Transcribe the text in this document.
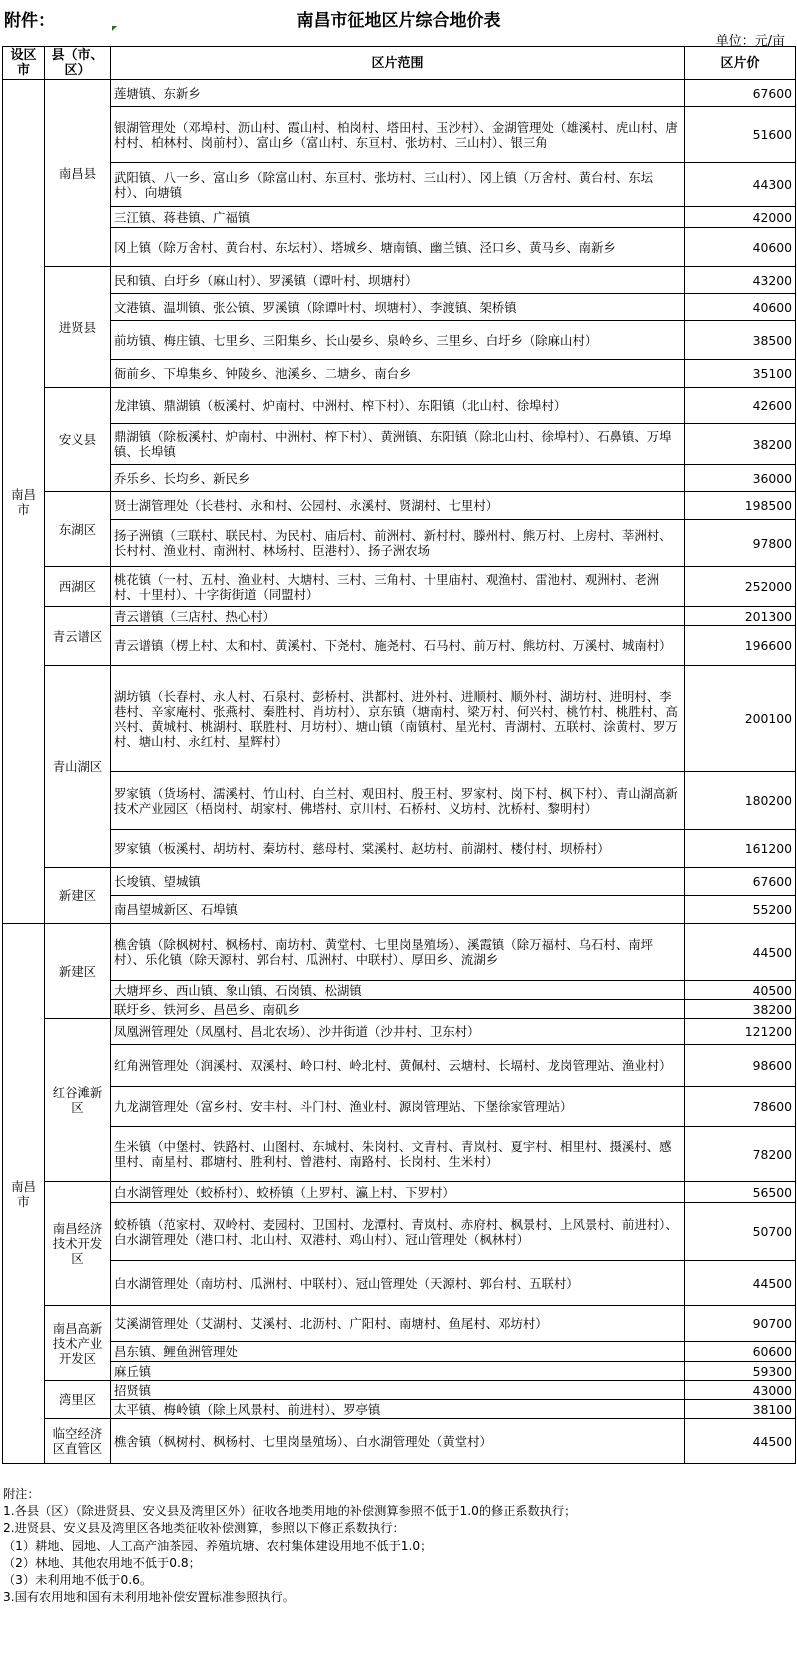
附件：	南昌市征地区片综合地价表
单位：元/亩
设区市	县（市、区）	区片范围	区片价
南昌市	南昌县	莲塘镇、东新乡	67600
		银湖管理处（邓埠村、沥山村、霞山村、柏岗村、塔田村、玉沙村）、金湖管理处（雄溪村、虎山村、唐村村、柏林村、岗前村）、富山乡（富山村、东亘村、张坊村、三山村）、银三角	51600
		武阳镇、八一乡、富山乡（除富山村、东亘村、张坊村、三山村）、冈上镇（万舍村、黄台村、东坛村）、向塘镇	44300
		三江镇、蒋巷镇、广福镇	42000
		冈上镇（除万舍村、黄台村、东坛村）、塔城乡、塘南镇、幽兰镇、泾口乡、黄马乡、南新乡	40600
	进贤县	民和镇、白圩乡（麻山村）、罗溪镇（谭叶村、坝塘村）	43200
		文港镇、温圳镇、张公镇、罗溪镇（除谭叶村、坝塘村）、李渡镇、架桥镇	40600
		前坊镇、梅庄镇、七里乡、三阳集乡、长山晏乡、泉岭乡、三里乡、白圩乡（除麻山村）	38500
		衙前乡、下埠集乡、钟陵乡、池溪乡、二塘乡、南台乡	35100
	安义县	龙津镇、鼎湖镇（板溪村、炉南村、中洲村、榨下村）、东阳镇（北山村、徐埠村）	42600
		鼎湖镇（除板溪村、炉南村、中洲村、榨下村）、黄洲镇、东阳镇（除北山村、徐埠村）、石鼻镇、万埠镇、长埠镇	38200
		乔乐乡、长均乡、新民乡	36000
	东湖区	贤士湖管理处（长巷村、永和村、公园村、永溪村、贤湖村、七里村）	198500
		扬子洲镇（三联村、联民村、为民村、庙后村、前洲村、新村村、滕州村、熊万村、上房村、莘洲村、长村村、渔业村、南洲村、林场村、臣港村）、扬子洲农场	97800
	西湖区	桃花镇（一村、五村、渔业村、大塘村、三村、三角村、十里庙村、观渔村、雷池村、观洲村、老洲村、十里村）、十字街街道（同盟村）	252000
	青云谱区	青云谱镇（三店村、热心村）	201300
		青云谱镇（楞上村、太和村、黄溪村、下尧村、施尧村、石马村、前万村、熊坊村、万溪村、城南村）	196600
	青山湖区	湖坊镇（长春村、永人村、石泉村、彭桥村、洪都村、进外村、进顺村、顺外村、湖坊村、进明村、李巷村、辛家庵村、张燕村、秦胜村、肖坊村）、京东镇（塘南村、梁万村、何兴村、桃竹村、桃胜村、高兴村、黄城村、桃湖村、联胜村、月坊村）、塘山镇（南镇村、星光村、青湖村、五联村、涂黄村、罗万村、塘山村、永红村、星辉村）	200100
		罗家镇（货场村、濡溪村、竹山村、白兰村、观田村、殷王村、罗家村、岗下村、枫下村）、青山湖高新技术产业园区（梧岗村、胡家村、佛塔村、京川村、石桥村、义坊村、沈桥村、黎明村）	180200
		罗家镇（板溪村、胡坊村、秦坊村、慈母村、棠溪村、赵坊村、前湖村、楼付村、坝桥村）	161200
	新建区	长埈镇、望城镇	67600
		南昌望城新区、石埠镇	55200
南昌市	新建区	樵舍镇（除枫树村、枫杨村、南坊村、黄堂村、七里岗垦殖场）、溪霞镇（除万福村、乌石村、南坪村）、乐化镇（除天源村、郭台村、瓜洲村、中联村）、厚田乡、流湖乡	44500
		大塘坪乡、西山镇、象山镇、石岗镇、松湖镇	40500
		联圩乡、铁河乡、昌邑乡、南矶乡	38200
	红谷滩新区	凤凰洲管理处（凤凰村、昌北农场）、沙井街道（沙井村、卫东村）	121200
		红角洲管理处（润溪村、双溪村、岭口村、岭北村、黄佩村、云塘村、长塥村、龙岗管理站、渔业村）	98600
		九龙湖管理处（富乡村、安丰村、斗门村、渔业村、源岗管理站、下堡徐家管理站）	78600
		生米镇（中堡村、铁路村、山图村、东城村、朱岗村、文青村、青岚村、夏宇村、相里村、摄溪村、感里村、南星村、郡塘村、胜利村、曾港村、南路村、长岗村、生米村）	78200
	南昌经济技术开发区	白水湖管理处（蛟桥村）、蛟桥镇（上罗村、瀛上村、下罗村）	56500
		蛟桥镇（范家村、双岭村、麦园村、卫国村、龙潭村、青岚村、赤府村、枫景村、上风景村、前进村）、白水湖管理处（港口村、北山村、双港村、鸡山村）、冠山管理处（枫林村）	50700
		白水湖管理处（南坊村、瓜洲村、中联村）、冠山管理处（天源村、郭台村、五联村）	44500
	南昌高新技术产业开发区	艾溪湖管理处（艾湖村、艾溪村、北沥村、广阳村、南塘村、鱼尾村、邓坊村）	90700
		昌东镇、鲤鱼洲管理处	60600
		麻丘镇	59300
	湾里区	招贤镇	43000
		太平镇、梅岭镇（除上风景村、前进村）、罗亭镇	38100
	临空经济区直管区	樵舍镇（枫树村、枫杨村、七里岗垦殖场）、白水湖管理处（黄堂村）	44500
附注：
1.各县（区）（除进贤县、安义县及湾里区外）征收各地类用地的补偿测算参照不低于1.0的修正系数执行；
2.进贤县、安义县及湾里区各地类征收补偿测算，参照以下修正系数执行：
（1）耕地、园地、人工高产油茶园、养殖坑塘、农村集体建设用地不低于1.0；
（2）林地、其他农用地不低于0.8；
（3）未利用地不低于0.6。
3.国有农用地和国有未利用地补偿安置标准参照执行。
